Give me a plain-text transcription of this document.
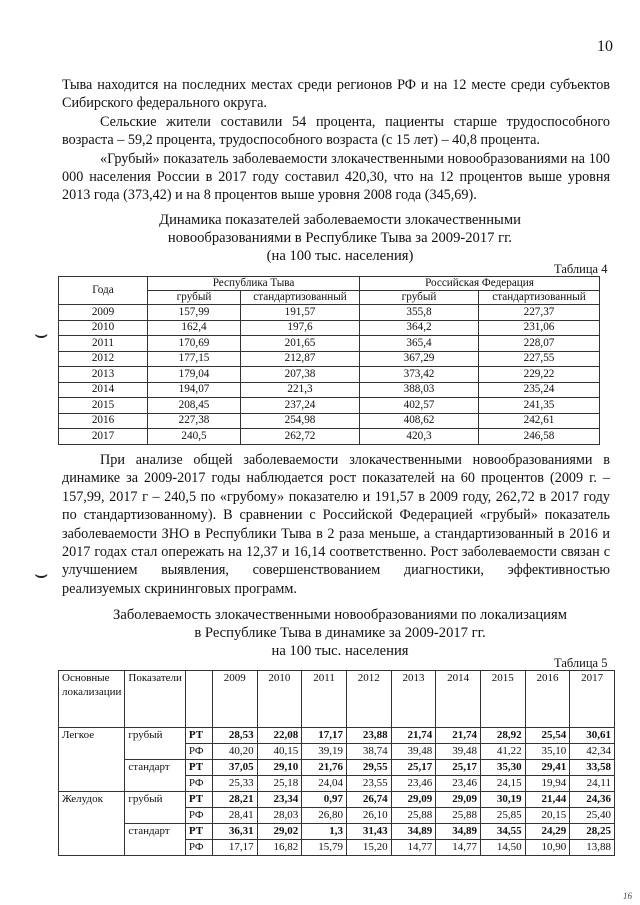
10

Тыва находится на последних местах среди регионов РФ и на 12 месте среди субъектов Сибирского федерального округа.

Сельские жители составили 54 процента, пациенты старше трудоспособного возраста – 59,2 процента, трудоспособного возраста (с 15 лет) – 40,8 процента.

«Грубый» показатель заболеваемости злокачественными новообразованиями на 100 000 населения России в 2017 году составил 420,30, что на 12 процентов выше уровня 2013 года (373,42) и на 8 процентов выше уровня 2008 года (345,69).

Динамика показателей заболеваемости злокачественными
новообразованиями в Республике Тыва за 2009-2017 гг.
(на 100 тыс. населения)
Таблица 4
Года	Республика Тыва		Российская Федерация	
	грубый	стандартизованный	грубый	стандартизованный
2009	157,99	191,57	355,8	227,37
2010	162,4	197,6	364,2	231,06
2011	170,69	201,65	365,4	228,07
2012	177,15	212,87	367,29	227,55
2013	179,04	207,38	373,42	229,22
2014	194,07	221,3	388,03	235,24
2015	208,45	237,24	402,57	241,35
2016	227,38	254,98	408,62	242,61
2017	240,5	262,72	420,3	246,58
⌣

При анализе общей заболеваемости злокачественными новообразованиями в динамике за 2009-2017 годы наблюдается рост показателей на 60 процентов (2009 г. – 157,99, 2017 г – 240,5 по «грубому» показателю и 191,57 в 2009 году, 262,72 в 2017 году по стандартизованному). В сравнении с Российской Федерацией «грубый» показатель заболеваемости ЗНО в Республики Тыва в 2 раза меньше, а стандартизованный в 2016 и 2017 годах стал опережать на 12,37 и 16,14 соответственно. Рост заболеваемости связан с улучшением выявления, совершенствованием диагностики, эффективностью реализуемых скрининговых программ.

⌣
Заболеваемость злокачественными новообразованиями по локализациям
в Республике Тыва в динамике за 2009-2017 гг.
на 100 тыс. населения
Таблица 5
Основные локализации	Показатели		2009	2010	2011	2012	2013	2014	2015	2016	2017
Легкое	грубый	РТ	28,53	22,08	17,17	23,88	21,74	21,74	28,92	25,54	30,61
		РФ	40,20	40,15	39,19	38,74	39,48	39,48	41,22	35,10	42,34
	стандарт	РТ	37,05	29,10	21,76	29,55	25,17	25,17	35,30	29,41	33,58
		РФ	25,33	25,18	24,04	23,55	23,46	23,46	24,15	19,94	24,11
Желудок	грубый	РТ	28,21	23,34	0,97	26,74	29,09	29,09	30,19	21,44	24,36
		РФ	28,41	28,03	26,80	26,10	25,88	25,88	25,85	20,15	25,40
	стандарт	РТ	36,31	29,02	1,3	31,43	34,89	34,89	34,55	24,29	28,25
		РФ	17,17	16,82	15,79	15,20	14,77	14,77	14,50	10,90	13,88
16
